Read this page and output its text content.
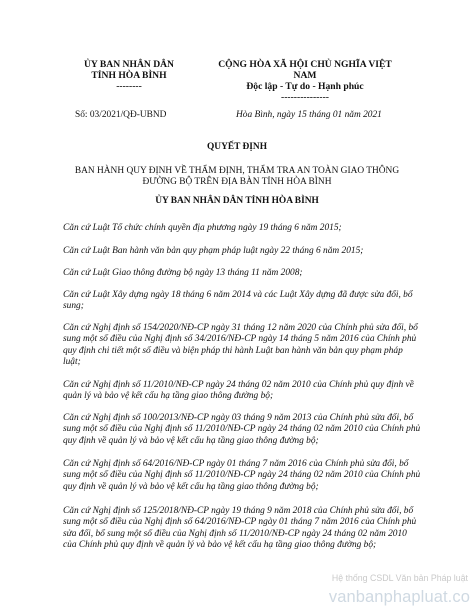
ỦY BAN NHÂN DÂN
TỈNH HÒA BÌNH
--------
CỘNG HÒA XÃ HỘI CHỦ NGHĨA VIỆT
NAM
Độc lập - Tự do - Hạnh phúc
---------------
Số: 03/2021/QĐ-UBND	Hòa Bình, ngày 15 tháng 01 năm 2021
QUYẾT ĐỊNH
BAN HÀNH QUY ĐỊNH VỀ THẨM ĐỊNH, THẨM TRA AN TOÀN GIAO THÔNG
ĐƯỜNG BỘ TRÊN ĐỊA BÀN TỈNH HÒA BÌNH
ỦY BAN NHÂN DÂN TỈNH HÒA BÌNH

Căn cứ Luật Tổ chức chính quyền địa phương ngày 19 tháng 6 năm 2015;

Căn cứ Luật Ban hành văn bản quy phạm pháp luật ngày 22 tháng 6 năm 2015;

Căn cứ Luật Giao thông đường bộ ngày 13 tháng 11 năm 2008;

Căn cứ Luật Xây dựng ngày 18 tháng 6 năm 2014 và các Luật Xây dựng đã được sửa đổi, bổ sung;

Căn cứ Nghị định số 154/2020/NĐ-CP ngày 31 tháng 12 năm 2020 của Chính phủ sửa đổi, bổ sung một số điều của Nghị định số 34/2016/NĐ-CP ngày 14 tháng 5 năm 2016 của Chính phủ quy định chi tiết một số điều và biện pháp thi hành Luật ban hành văn bản quy phạm pháp luật;

Căn cứ Nghị định số 11/2010/NĐ-CP ngày 24 tháng 02 năm 2010 của Chính phủ quy định về quản lý và bảo vệ kết cấu hạ tầng giao thông đường bộ;

Căn cứ Nghị định số 100/2013/NĐ-CP ngày 03 tháng 9 năm 2013 của Chính phủ sửa đổi, bổ sung một số điều của Nghị định số 11/2010/NĐ-CP ngày 24 tháng 02 năm 2010 của Chính phủ quy định về quản lý và bảo vệ kết cấu hạ tầng giao thông đường bộ;

Căn cứ Nghị định số 64/2016/NĐ-CP ngày 01 tháng 7 năm 2016 của Chính phủ sửa đổi, bổ sung một số điều của Nghị định số 11/2010/NĐ-CP ngày 24 tháng 02 năm 2010 của Chính phủ quy định về quản lý và bảo vệ kết cấu hạ tầng giao thông đường bộ;

Căn cứ Nghị định số 125/2018/NĐ-CP ngày 19 tháng 9 năm 2018 của Chính phủ sửa đổi, bổ sung một số điều của Nghị định số 64/2016/NĐ-CP ngày 01 tháng 7 năm 2016 của Chính phủ sửa đổi, bổ sung một số điều của Nghị định số 11/2010/NĐ-CP ngày 24 tháng 02 năm 2010 của Chính phủ quy định về quản lý và bảo vệ kết cấu hạ tầng giao thông đường bộ;

Hệ thống CSDL Văn bản Pháp luật
vanbanphapluat.co
